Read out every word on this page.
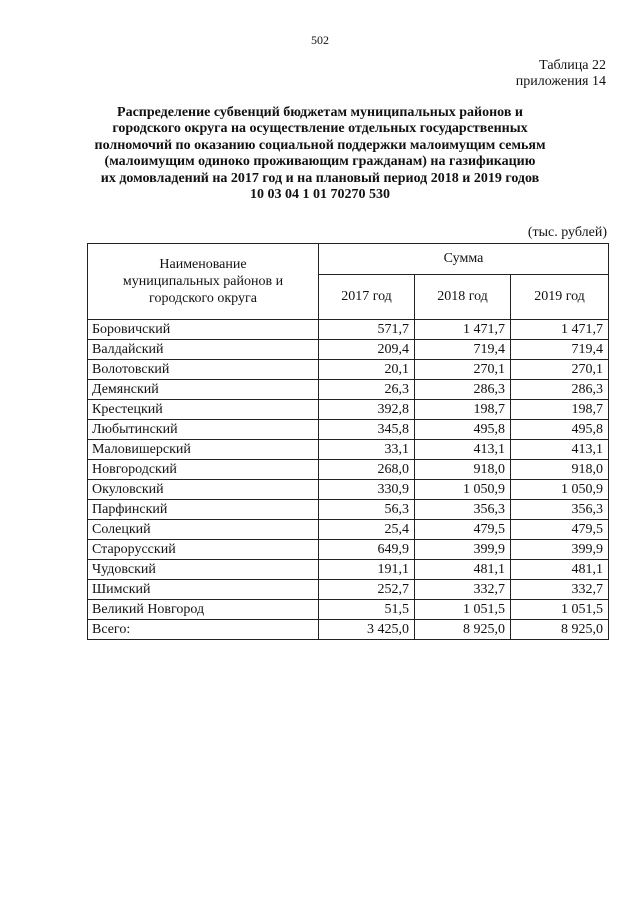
502
Таблица 22
приложения 14
Распределение субвенций бюджетам муниципальных районов и
городского округа на осуществление отдельных государственных
полномочий по оказанию социальной поддержки малоимущим семьям
(малоимущим одиноко проживающим гражданам) на газификацию
их домовладений на 2017 год и на плановый период 2018 и 2019 годов
10 03 04 1 01 70270 530
(тыс. рублей)
Наименование
муниципальных районов и
городского округа	Сумма		
	2017 год	2018 год	2019 год
Боровичский	571,7	1 471,7	1 471,7
Валдайский	209,4	719,4	719,4
Волотовский	20,1	270,1	270,1
Демянский	26,3	286,3	286,3
Крестецкий	392,8	198,7	198,7
Любытинский	345,8	495,8	495,8
Маловишерский	33,1	413,1	413,1
Новгородский	268,0	918,0	918,0
Окуловский	330,9	1 050,9	1 050,9
Парфинский	56,3	356,3	356,3
Солецкий	25,4	479,5	479,5
Старорусский	649,9	399,9	399,9
Чудовский	191,1	481,1	481,1
Шимский	252,7	332,7	332,7
Великий Новгород	51,5	1 051,5	1 051,5
Всего:	3 425,0	8 925,0	8 925,0
